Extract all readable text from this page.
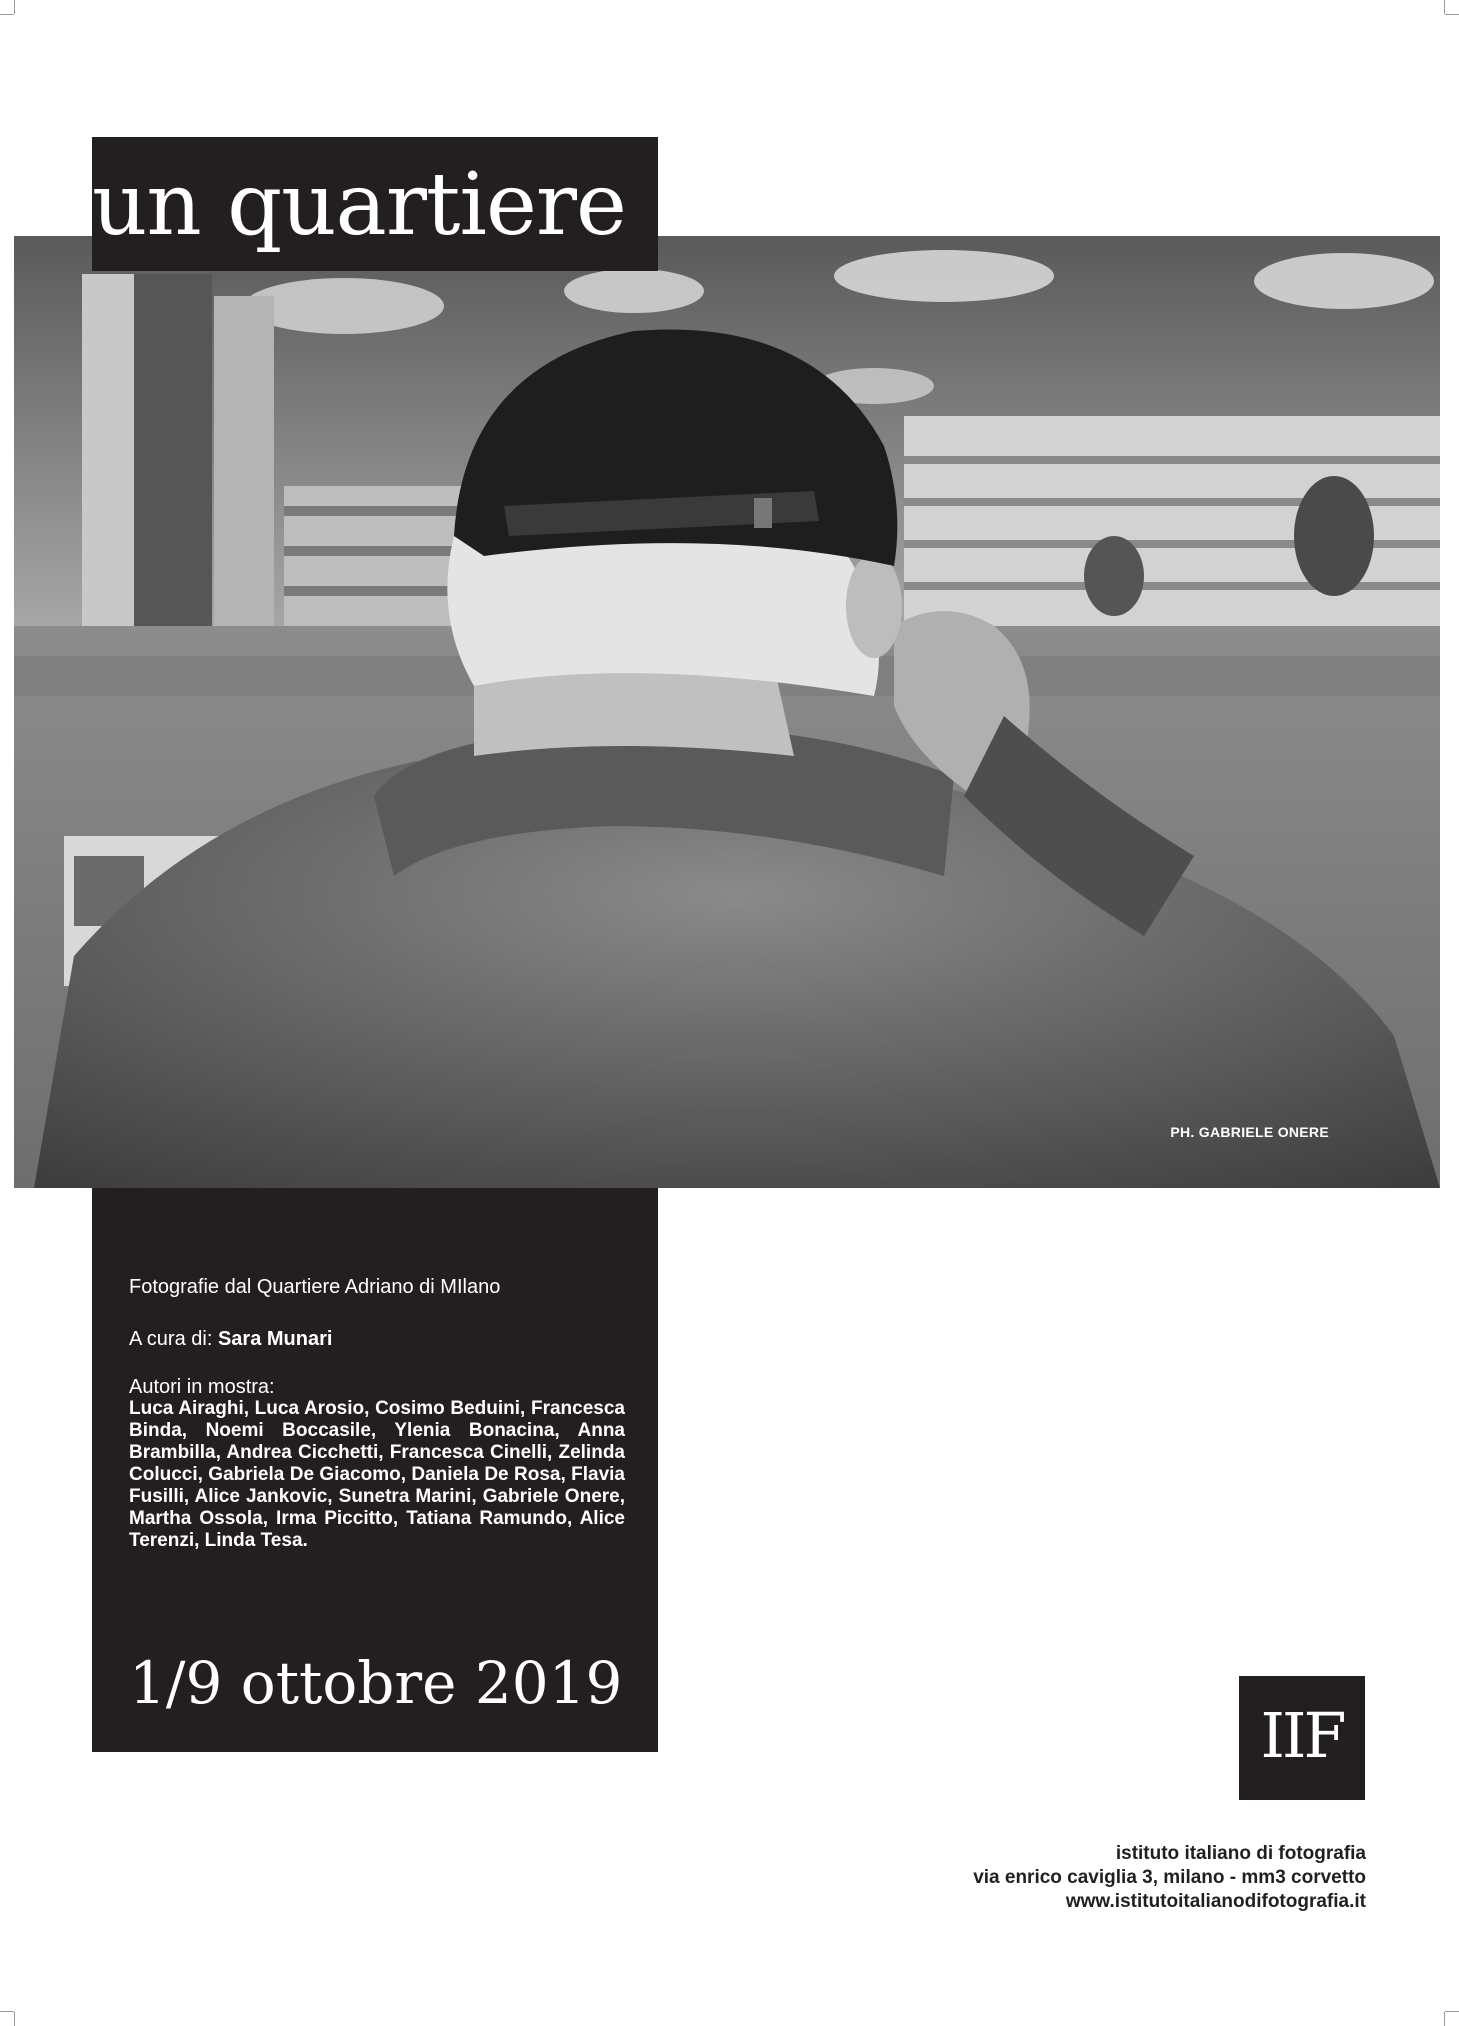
un quartiere
PH. GABRIELE ONERE

Fotografie dal Quartiere Adriano di MIlano

A cura di: Sara Munari

Autori in mostra:

Luca Airaghi, Luca Arosio, Cosimo Beduini, Francesca Binda, Noemi Boccasile, Ylenia Bonacina, Anna Brambilla, Andrea Cicchetti, Francesca Cinelli, Zelinda Colucci, Gabriela De Giacomo, Daniela De Rosa, Flavia Fusilli, Alice Jankovic, Sunetra Marini, Gabriele Onere, Martha Ossola, Irma Piccitto, Tatiana Ramundo, Alice Terenzi, Linda Tesa.

1/9 ottobre 2019
IIF
istituto italiano di fotografia
via enrico caviglia 3, milano - mm3 corvetto
www.istitutoitalianodifotografia.it
